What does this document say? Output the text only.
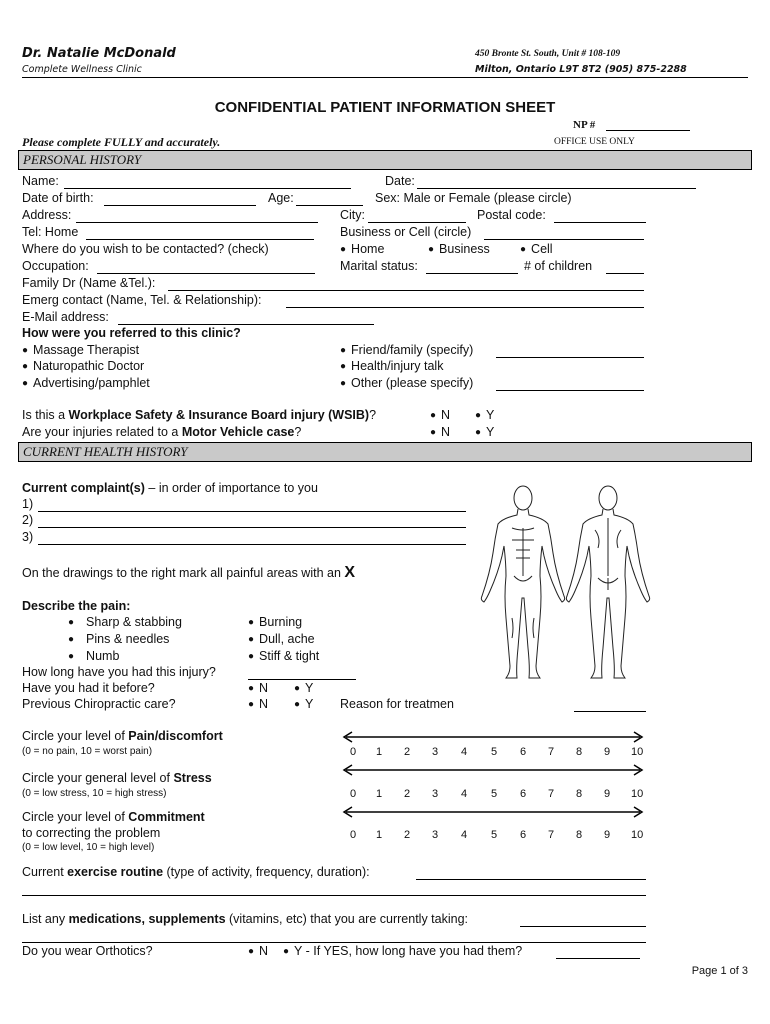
Dr. Natalie McDonald
Complete Wellness Clinic
450 Bronte St. South, Unit # 108-109
Milton, Ontario L9T 8T2 (905) 875-2288
CONFIDENTIAL PATIENT INFORMATION SHEET
NP #
Please complete FULLY and accurately.	OFFICE USE ONLY
PERSONAL HISTORY
Name:	Date:
Date of birth:	Age:	Sex: Male or Female (please circle)
Address:	City:	Postal code:
Tel: Home	Business or Cell (circle)
Where do you wish to be contacted? (check)	● Home	● Business	● Cell
Occupation:	Marital status:	# of children
Family Dr (Name &Tel.):
Emerg contact (Name, Tel. & Relationship):
E-Mail address:
How were you referred to this clinic?
● Massage Therapist
● Naturopathic Doctor
● Advertising/pamphlet
● Friend/family (specify)
● Health/injury talk
● Other (please specify)
Is this a Workplace Safety & Insurance Board injury (WSIB)?	● N ● Y
Are your injuries related to a Motor Vehicle case?	● N ● Y
CURRENT HEALTH HISTORY
Current complaint(s) – in order of importance to you
1)
2)
3)
On the drawings to the right mark all painful areas with an X
Describe the pain:
● Sharp & stabbing
● Pins & needles
● Numb
● Burning
● Dull, ache
● Stiff & tight
How long have you had this injury?
Have you had it before?	● N	● Y
Previous Chiropractic care?	● N	● Y Reason for treatmen
Circle your level of Pain/discomfort
(0 = no pain, 10 = worst pain)	0 1 2 3 4 5 6 7 8 9 10
Circle your general level of Stress
(0 = low stress, 10 = high stress)	0 1 2 3 4 5 6 7 8 9 10
Circle your level of Commitment
to correcting the problem
(0 = low level, 10 = high level)
0 1 2 3 4 5 6 7 8 9 10
Current exercise routine (type of activity, frequency, duration):
List any medications, supplements (vitamins, etc) that you are currently taking:
Do you wear Orthotics?	● N ● Y - If YES, how long have you had them?
Page 1 of 3
